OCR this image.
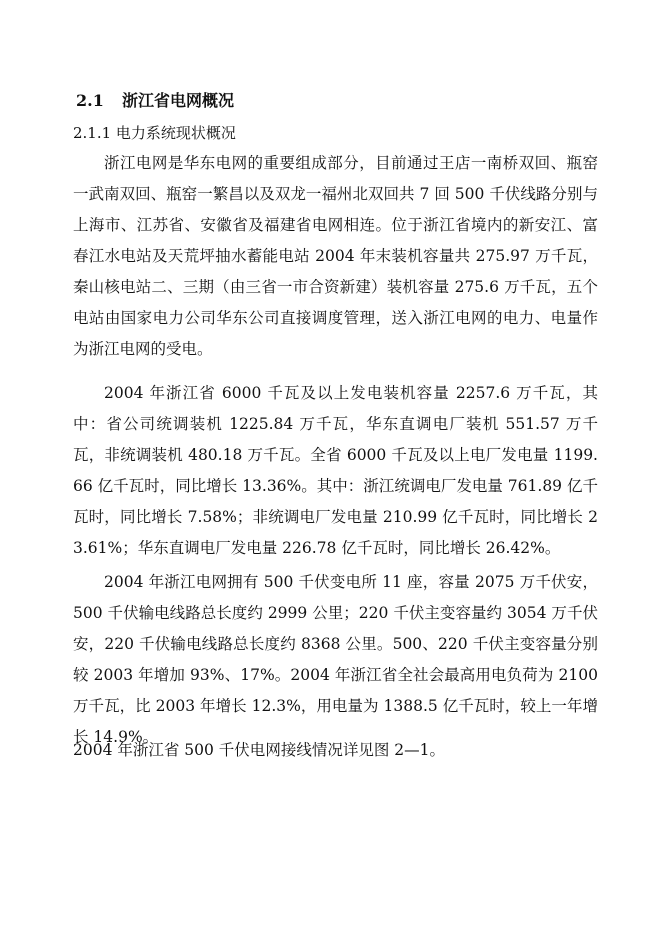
2.1 浙江省电网概况
2.1.1 电力系统现状概况

浙江电网是华东电网的重要组成部分，目前通过王店一南桥双回、瓶窑一武南双回、瓶窑一繁昌以及双龙一福州北双回共 7 回 500 千伏线路分别与上海市、江苏省、安徽省及福建省电网相连。位于浙江省境内的新安江、富春江水电站及天荒坪抽水蓄能电站 2004 年末装机容量共 275.97 万千瓦，秦山核电站二、三期（由三省一市合资新建）装机容量 275.6 万千瓦，五个电站由国家电力公司华东公司直接调度管理，送入浙江电网的电力、电量作为浙江电网的受电。

2004 年浙江省 6000 千瓦及以上发电装机容量 2257.6 万千瓦，其中：省公司统调装机 1225.84 万千瓦，华东直调电厂装机 551.57 万千瓦，非统调装机 480.18 万千瓦。全省 6000 千瓦及以上电厂发电量 1199.66 亿千瓦时，同比增长 13.36%。其中：浙江统调电厂发电量 761.89 亿千瓦时，同比增长 7.58%；非统调电厂发电量 210.99 亿千瓦时，同比增长 23.61%；华东直调电厂发电量 226.78 亿千瓦时，同比增长 26.42%。

2004 年浙江电网拥有 500 千伏变电所 11 座，容量 2075 万千伏安，500 千伏输电线路总长度约 2999 公里；220 千伏主变容量约 3054 万千伏安，220 千伏输电线路总长度约 8368 公里。500、220 千伏主变容量分别较 2003 年增加 93%、17%。2004 年浙江省全社会最高用电负荷为 2100 万千瓦，比 2003 年增长 12.3%，用电量为 1388.5 亿千瓦时，较上一年增长 14.9%。

2004 年浙江省 500 千伏电网接线情况详见图 2—1。
